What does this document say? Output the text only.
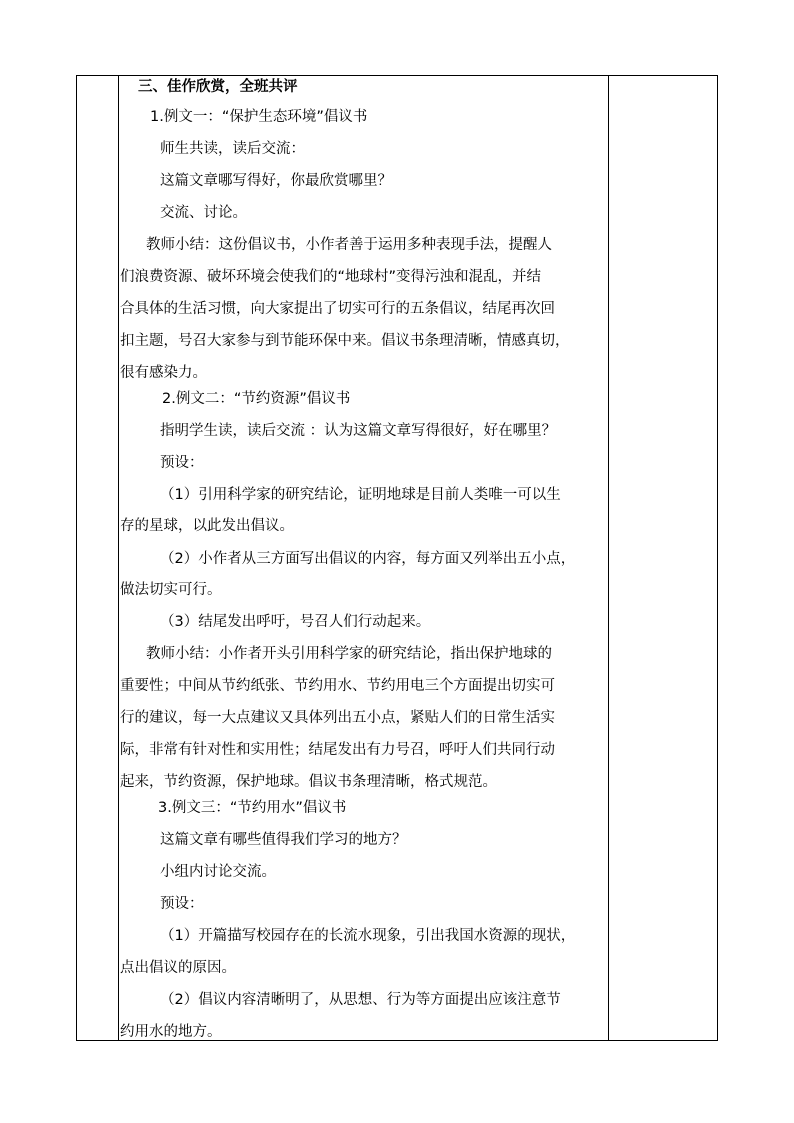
三、佳作欣赏，全班共评
1.例文一：“保护生态环境”倡议书
师生共读，读后交流：
这篇文章哪写得好，你最欣赏哪里？
交流、讨论。
教师小结：这份倡议书，小作者善于运用多种表现手法，提醒人
们浪费资源、破坏环境会使我们的“地球村”变得污浊和混乱，并结
合具体的生活习惯，向大家提出了切实可行的五条倡议，结尾再次回
扣主题，号召大家参与到节能环保中来。倡议书条理清晰，情感真切，
很有感染力。
2.例文二：“节约资源”倡议书
指明学生读，读后交流 ：认为这篇文章写得很好，好在哪里？
预设：
（1）引用科学家的研究结论，证明地球是目前人类唯一可以生
存的星球，以此发出倡议。
（2）小作者从三方面写出倡议的内容，每方面又列举出五小点，
做法切实可行。
（3）结尾发出呼吁，号召人们行动起来。
教师小结：小作者开头引用科学家的研究结论，指出保护地球的
重要性；中间从节约纸张、节约用水、节约用电三个方面提出切实可
行的建议，每一大点建议又具体列出五小点，紧贴人们的日常生活实
际，非常有针对性和实用性；结尾发出有力号召，呼吁人们共同行动
起来，节约资源，保护地球。倡议书条理清晰，格式规范。
3.例文三：“节约用水”倡议书
这篇文章有哪些值得我们学习的地方？
小组内讨论交流。
预设：
（1）开篇描写校园存在的长流水现象，引出我国水资源的现状，
点出倡议的原因。
（2）倡议内容清晰明了，从思想、行为等方面提出应该注意节
约用水的地方。
